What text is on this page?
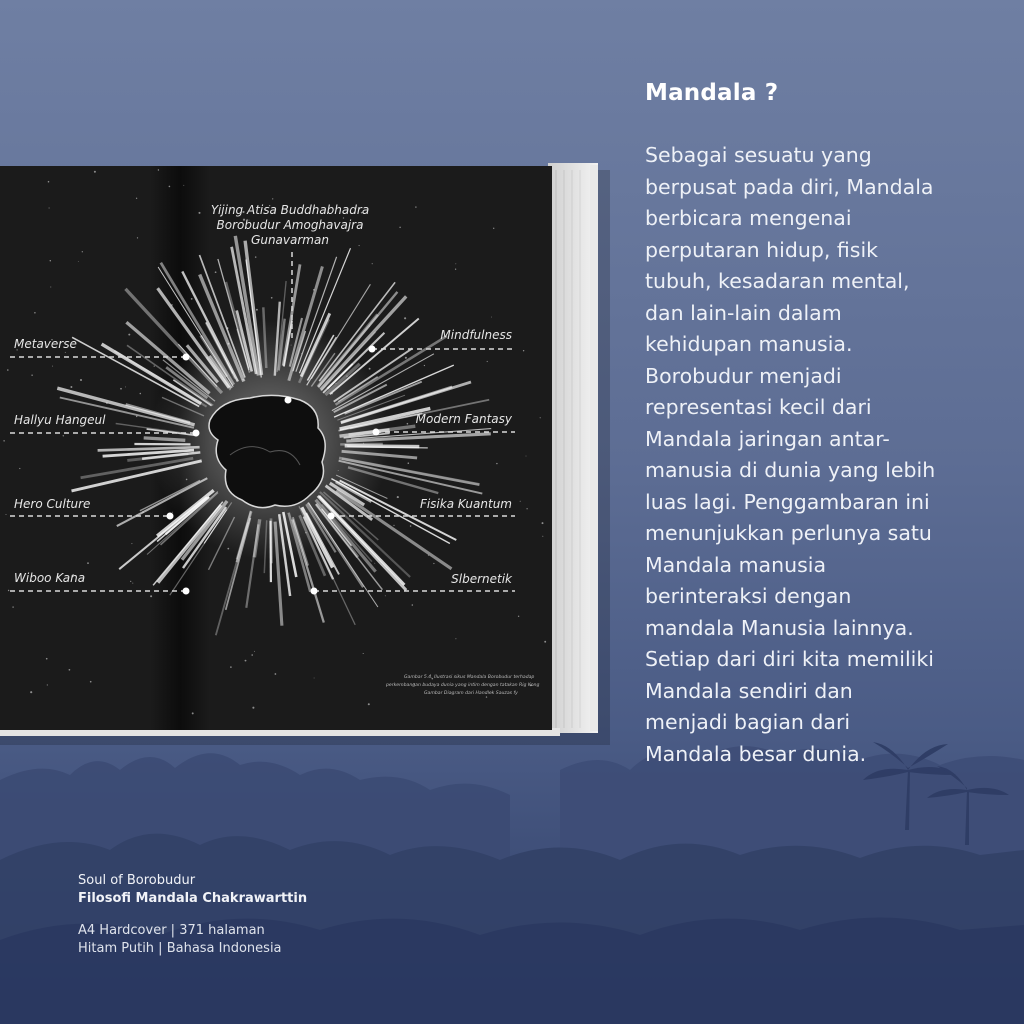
Yijing Atisa Buddhabhadra
Borobudur Amoghavajra
Gunavarman
Metaverse
Hallyu Hangeul
Hero Culture
Wiboo Kana
Mindfulness
Modern Fantasy
Fisika Kuantum
Slbernetik
Gambar 5.4. Ilustrasi sikus Mandala Borobudur terhadap
perkembangan budaya dunia yang intim dengan tatakan Rig Kong
Gambar Diagram dari Handlek Sauzas fy
Mandala ?

Sebagai sesuatu yang
berpusat pada diri, Mandala
berbicara mengenai
perputaran hidup, fisik
tubuh, kesadaran mental,
dan lain-lain dalam
kehidupan manusia.
Borobudur menjadi
representasi kecil dari
Mandala jaringan antar-
manusia di dunia yang lebih
luas lagi. Penggambaran ini
menunjukkan perlunya satu
Mandala manusia
berinteraksi dengan
mandala Manusia lainnya.
Setiap dari diri kita memiliki
Mandala sendiri dan
menjadi bagian dari
Mandala besar dunia.

Soul of Borobudur
Filosofi Mandala Chakrawarttin
A4 Hardcover | 371 halaman
Hitam Putih | Bahasa Indonesia
